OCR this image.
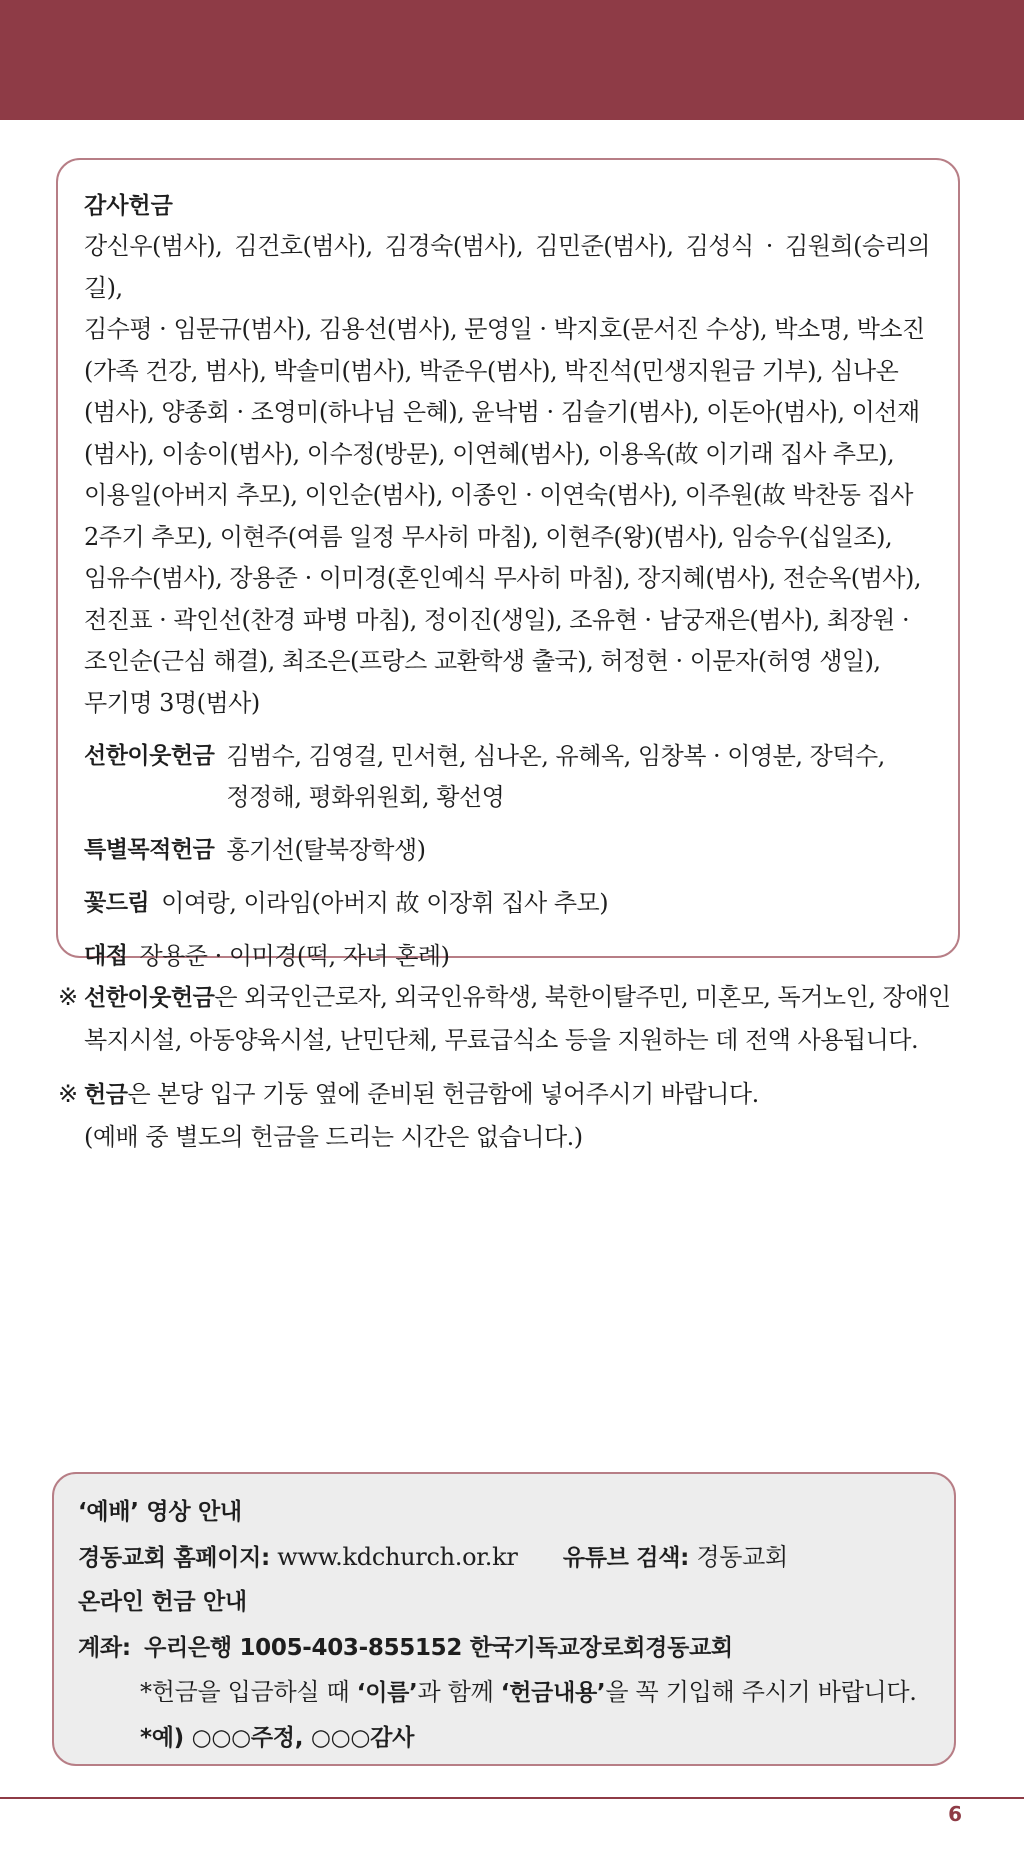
감사헌금
강신우(범사), 김건호(범사), 김경숙(범사), 김민준(범사), 김성식 · 김원희(승리의 길),
김수평 · 임문규(범사), 김용선(범사), 문영일 · 박지호(문서진 수상), 박소명, 박소진
(가족 건강, 범사), 박솔미(범사), 박준우(범사), 박진석(민생지원금 기부), 심나온
(범사), 양종회 · 조영미(하나님 은혜), 윤낙범 · 김슬기(범사), 이돈아(범사), 이선재
(범사), 이송이(범사), 이수정(방문), 이연혜(범사), 이용옥(故 이기래 집사 추모),
이용일(아버지 추모), 이인순(범사), 이종인 · 이연숙(범사), 이주원(故 박찬동 집사
2주기 추모), 이현주(여름 일정 무사히 마침), 이현주(왕)(범사), 임승우(십일조),
임유수(범사), 장용준 · 이미경(혼인예식 무사히 마침), 장지혜(범사), 전순옥(범사),
전진표 · 곽인선(찬경 파병 마침), 정이진(생일), 조유현 · 남궁재은(범사), 최장원 ·
조인순(근심 해결), 최조은(프랑스 교환학생 출국), 허정현 · 이문자(허영 생일),
무기명 3명(범사)
선한이웃헌금 김범수, 김영걸, 민서현, 심나온, 유혜옥, 임창복 · 이영분, 장덕수,
정정해, 평화위원회, 황선영
특별목적헌금 홍기선(탈북장학생)
꽃드림 이여랑, 이라임(아버지 故 이장휘 집사 추모)
대접 장용준 · 이미경(떡, 자녀 혼례)
※ 선한이웃헌금은 외국인근로자, 외국인유학생, 북한이탈주민, 미혼모, 독거노인, 장애인
복지시설, 아동양육시설, 난민단체, 무료급식소 등을 지원하는 데 전액 사용됩니다.
※ 헌금은 본당 입구 기둥 옆에 준비된 헌금함에 넣어주시기 바랍니다.
(예배 중 별도의 헌금을 드리는 시간은 없습니다.)
‘예배’ 영상 안내
경동교회 홈페이지: www.kdchurch.or.kr 유튜브 검색: 경동교회
온라인 헌금 안내
계좌: 우리은행 1005-403-855152 한국기독교장로회경동교회
*헌금을 입금하실 때 ‘이름’과 함께 ‘헌금내용’을 꼭 기입해 주시기 바랍니다.
*예) ○○○주정, ○○○감사
6
